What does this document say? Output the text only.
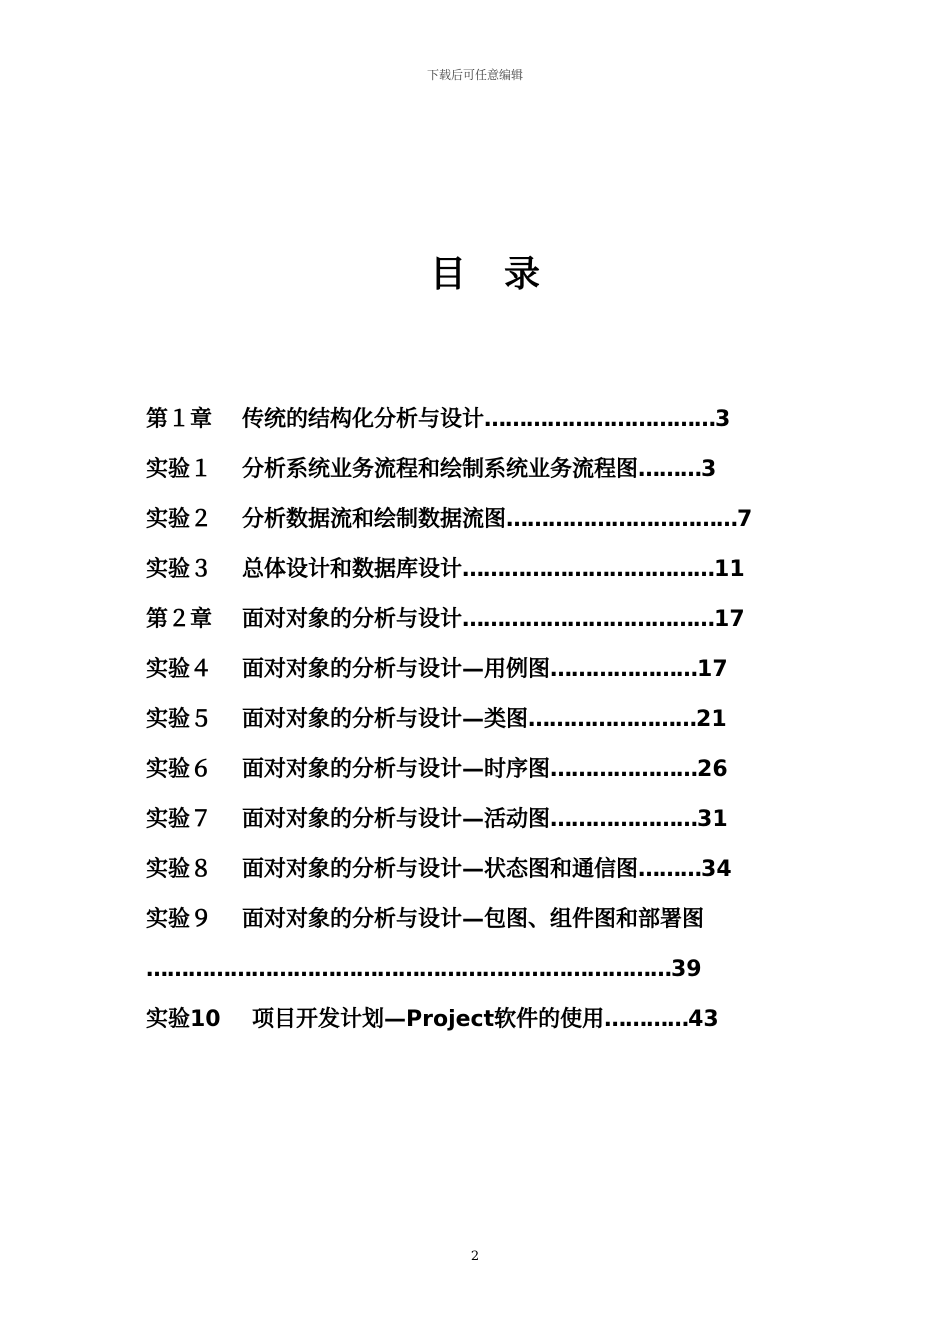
下载后可任意编辑
目录
第１章 传统的结构化分析与设计……………………………3
实验１ 分析系统业务流程和绘制系统业务流程图………3
实验２ 分析数据流和绘制数据流图……………………………7
实验３ 总体设计和数据库设计………………………………11
第２章 面对对象的分析与设计………………………………17
实验４ 面对对象的分析与设计—用例图…………………17
实验５ 面对对象的分析与设计—类图……………………21
实验６ 面对对象的分析与设计—时序图…………………26
实验７ 面对对象的分析与设计—活动图…………………31
实验８ 面对对象的分析与设计—状态图和通信图………34
实验９ 面对对象的分析与设计—包图、组件图和部署图
…………………………………………………………………39
实验10 项目开发计划—Project软件的使用…………43
2
